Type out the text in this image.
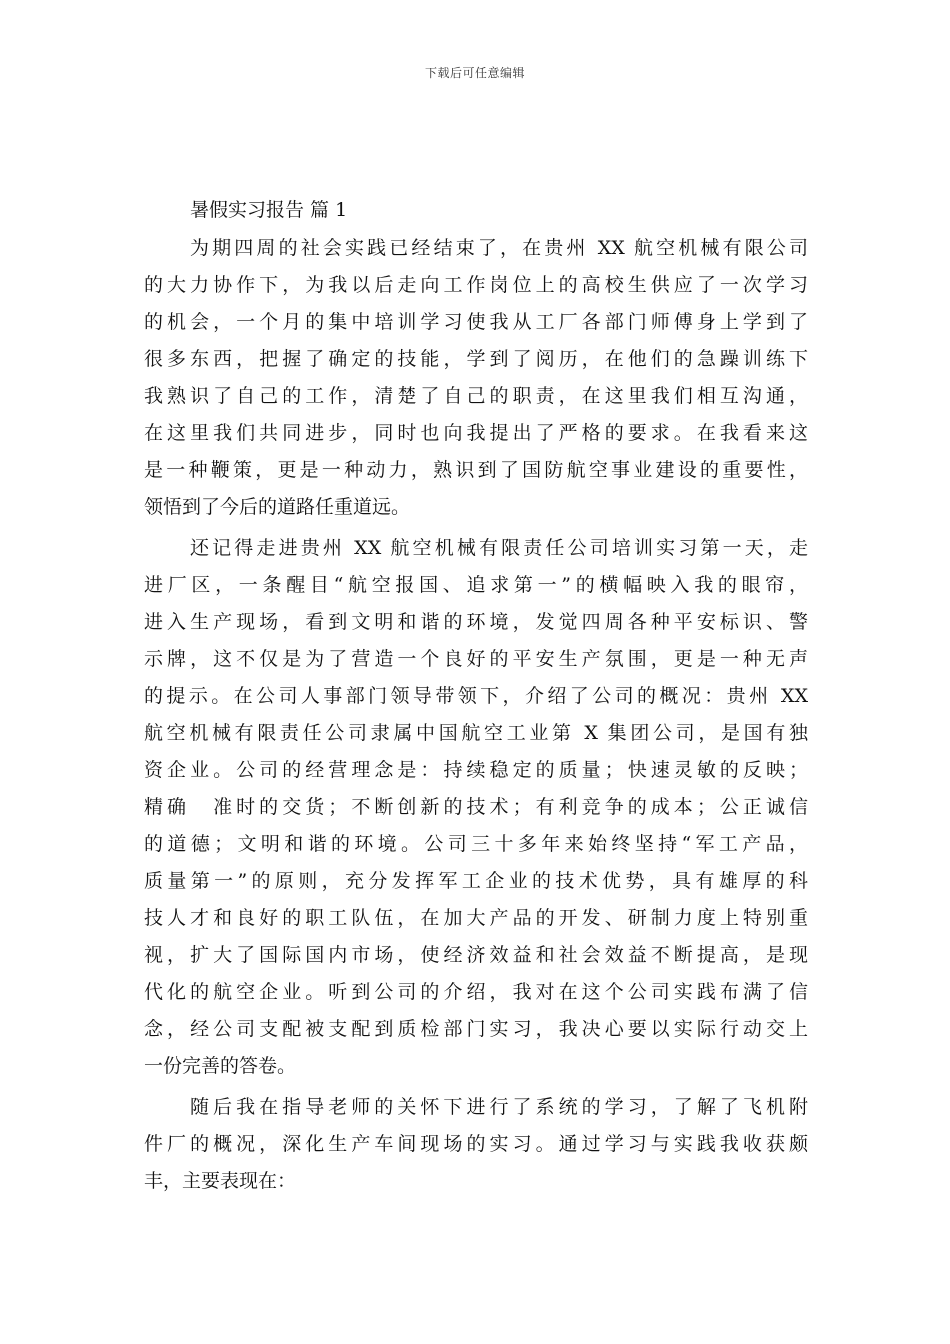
下载后可任意编辑
暑假实习报告 篇 1
为期四周的社会实践已经结束了，在贵州 XX 航空机械有限公司
的大力协作下，为我以后走向工作岗位上的高校生供应了一次学习
的机会，一个月的集中培训学习使我从工厂各部门师傅身上学到了
很多东西，把握了确定的技能，学到了阅历，在他们的急躁训练下
我熟识了自己的工作，清楚了自己的职责，在这里我们相互沟通，
在这里我们共同进步，同时也向我提出了严格的要求。在我看来这
是一种鞭策，更是一种动力，熟识到了国防航空事业建设的重要性，
领悟到了今后的道路任重道远。
还记得走进贵州 XX 航空机械有限责任公司培训实习第一天，走
进厂区，一条醒目“航空报国、追求第一”的横幅映入我的眼帘，
进入生产现场，看到文明和谐的环境，发觉四周各种平安标识、警
示牌，这不仅是为了营造一个良好的平安生产氛围，更是一种无声
的提示。在公司人事部门领导带领下，介绍了公司的概况：贵州 XX
航空机械有限责任公司隶属中国航空工业第 X 集团公司，是国有独
资企业。公司的经营理念是：持续稳定的质量；快速灵敏的反映；
精确　准时的交货；不断创新的技术；有利竞争的成本；公正诚信
的道德；文明和谐的环境。公司三十多年来始终坚持“军工产品，
质量第一”的原则，充分发挥军工企业的技术优势，具有雄厚的科
技人才和良好的职工队伍，在加大产品的开发、研制力度上特别重
视，扩大了国际国内市场，使经济效益和社会效益不断提高，是现
代化的航空企业。听到公司的介绍，我对在这个公司实践布满了信
念，经公司支配被支配到质检部门实习，我决心要以实际行动交上
一份完善的答卷。
随后我在指导老师的关怀下进行了系统的学习，了解了飞机附
件厂的概况，深化生产车间现场的实习。通过学习与实践我收获颇
丰，主要表现在：
